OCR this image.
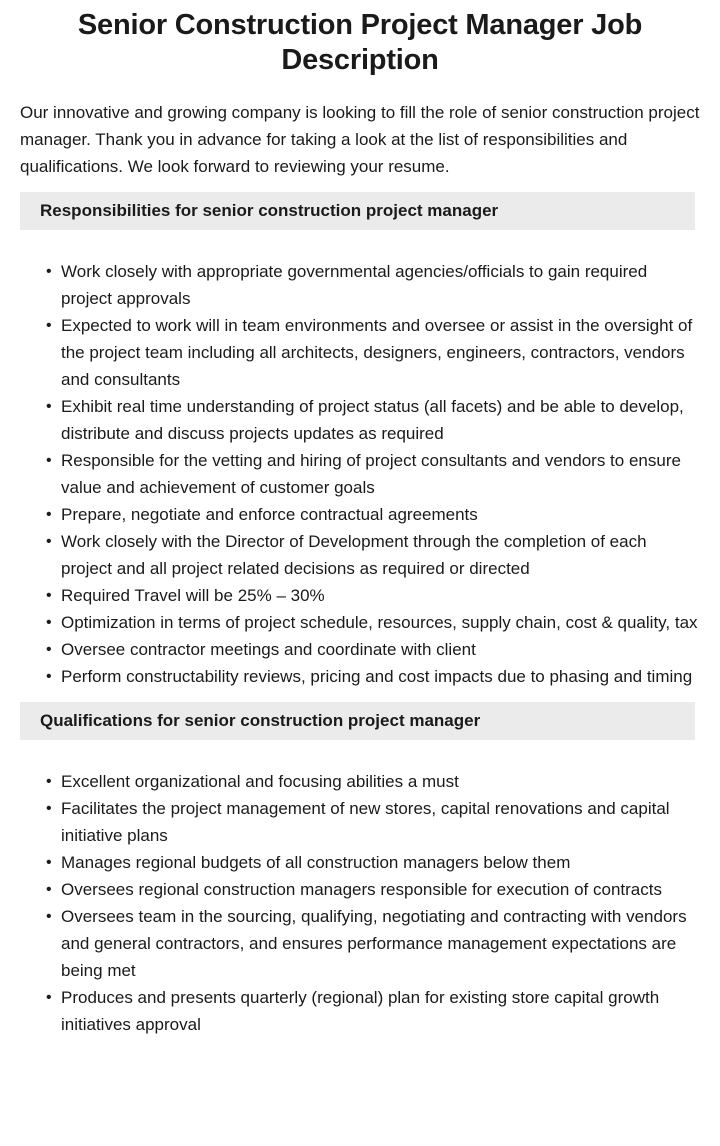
Senior Construction Project Manager Job Description

Our innovative and growing company is looking to fill the role of senior construction project manager. Thank you in advance for taking a look at the list of responsibilities and qualifications. We look forward to reviewing your resume.

Responsibilities for senior construction project manager
• Work closely with appropriate governmental agencies/officials to gain required project approvals
• Expected to work will in team environments and oversee or assist in the oversight of the project team including all architects, designers, engineers, contractors, vendors and consultants
• Exhibit real time understanding of project status (all facets) and be able to develop, distribute and discuss projects updates as required
• Responsible for the vetting and hiring of project consultants and vendors to ensure value and achievement of customer goals
• Prepare, negotiate and enforce contractual agreements
• Work closely with the Director of Development through the completion of each project and all project related decisions as required or directed
• Required Travel will be 25% – 30%
• Optimization in terms of project schedule, resources, supply chain, cost & quality, tax
• Oversee contractor meetings and coordinate with client
• Perform constructability reviews, pricing and cost impacts due to phasing and timing
Qualifications for senior construction project manager
• Excellent organizational and focusing abilities a must
• Facilitates the project management of new stores, capital renovations and capital initiative plans
• Manages regional budgets of all construction managers below them
• Oversees regional construction managers responsible for execution of contracts
• Oversees team in the sourcing, qualifying, negotiating and contracting with vendors and general contractors, and ensures performance management expectations are being met
• Produces and presents quarterly (regional) plan for existing store capital growth initiatives approval
